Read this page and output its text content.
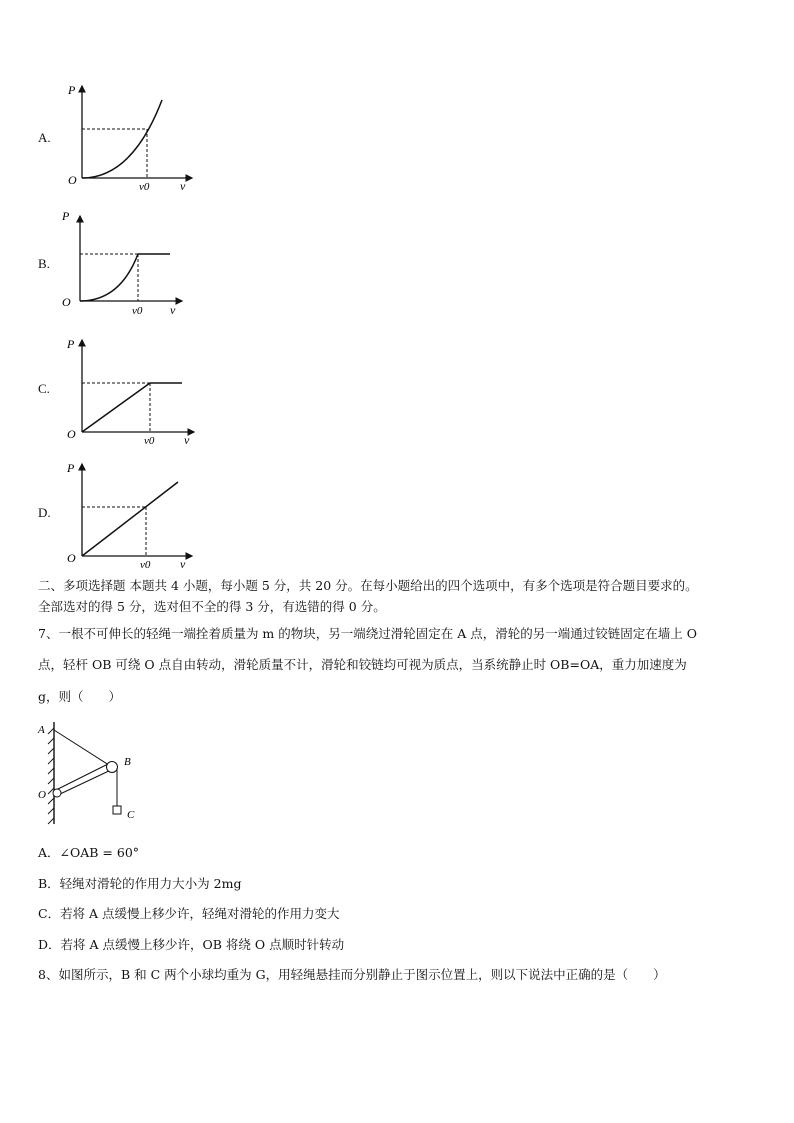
A.
P
O	v0	v
B.
P
O
v0 v
C.
P
O	v0 v
D.
P
O	v0 v
二、多项选择题 本题共 4 小题，每小题 5 分，共 20 分。在每小题给出的四个选项中，有多个选项是符合题目要求的。
全部选对的得 5 分，选对但不全的得 3 分，有选错的得 0 分。
7、一根不可伸长的轻绳一端拴着质量为 m 的物块，另一端绕过滑轮固定在 A 点，滑轮的另一端通过铰链固定在墙上 O
点，轻杆 OB 可绕 O 点自由转动，滑轮质量不计，滑轮和铰链均可视为质点，当系统静止时 OB=OA，重力加速度为
g，则（　　）
A
B
O
C
A．∠OAB = 60°
B．轻绳对滑轮的作用力大小为 2mg
C．若将 A 点缓慢上移少许，轻绳对滑轮的作用力变大
D．若将 A 点缓慢上移少许，OB 将绕 O 点顺时针转动
8、如图所示，B 和 C 两个小球均重为 G，用轻绳悬挂而分别静止于图示位置上，则以下说法中正确的是（　　）
